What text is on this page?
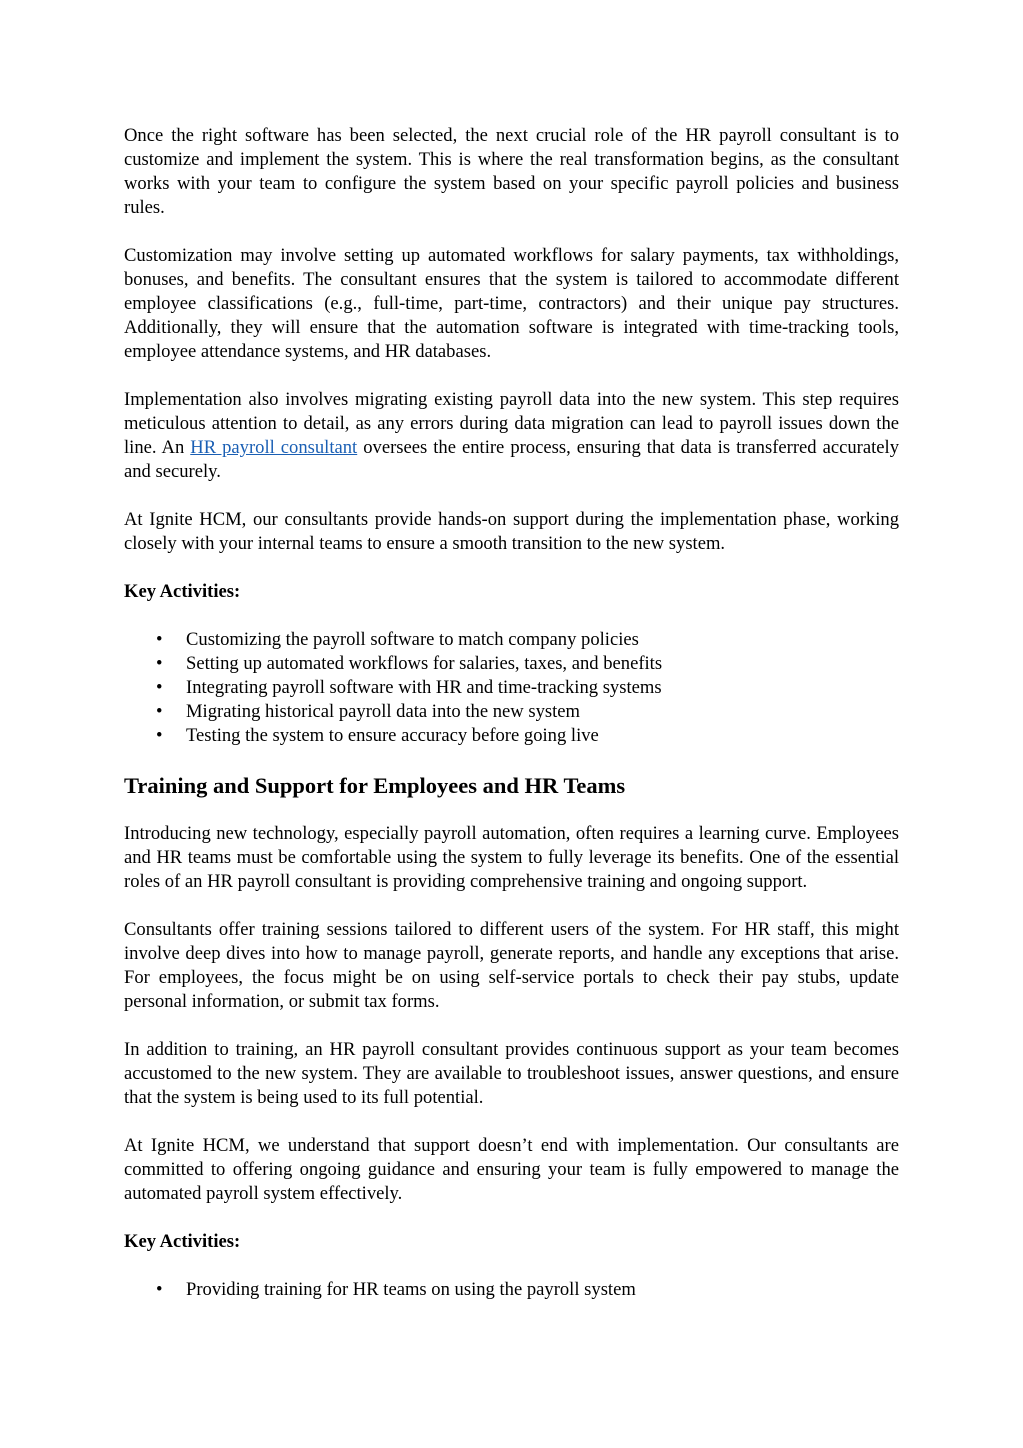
Once the right software has been selected, the next crucial role of the HR payroll consultant is to customize and implement the system. This is where the real transformation begins, as the consultant works with your team to configure the system based on your specific payroll policies and business rules.

Customization may involve setting up automated workflows for salary payments, tax withholdings, bonuses, and benefits. The consultant ensures that the system is tailored to accommodate different employee classifications (e.g., full-time, part-time, contractors) and their unique pay structures. Additionally, they will ensure that the automation software is integrated with time-tracking tools, employee attendance systems, and HR databases.

Implementation also involves migrating existing payroll data into the new system. This step requires meticulous attention to detail, as any errors during data migration can lead to payroll issues down the line. An HR payroll consultant oversees the entire process, ensuring that data is transferred accurately and securely.

At Ignite HCM, our consultants provide hands-on support during the implementation phase, working closely with your internal teams to ensure a smooth transition to the new system.

Key Activities:

• Customizing the payroll software to match company policies
• Setting up automated workflows for salaries, taxes, and benefits
• Integrating payroll software with HR and time-tracking systems
• Migrating historical payroll data into the new system
• Testing the system to ensure accuracy before going live
Training and Support for Employees and HR Teams

Introducing new technology, especially payroll automation, often requires a learning curve. Employees and HR teams must be comfortable using the system to fully leverage its benefits. One of the essential roles of an HR payroll consultant is providing comprehensive training and ongoing support.

Consultants offer training sessions tailored to different users of the system. For HR staff, this might involve deep dives into how to manage payroll, generate reports, and handle any exceptions that arise. For employees, the focus might be on using self-service portals to check their pay stubs, update personal information, or submit tax forms.

In addition to training, an HR payroll consultant provides continuous support as your team becomes accustomed to the new system. They are available to troubleshoot issues, answer questions, and ensure that the system is being used to its full potential.

At Ignite HCM, we understand that support doesn’t end with implementation. Our consultants are committed to offering ongoing guidance and ensuring your team is fully empowered to manage the automated payroll system effectively.

Key Activities:

• Providing training for HR teams on using the payroll system
